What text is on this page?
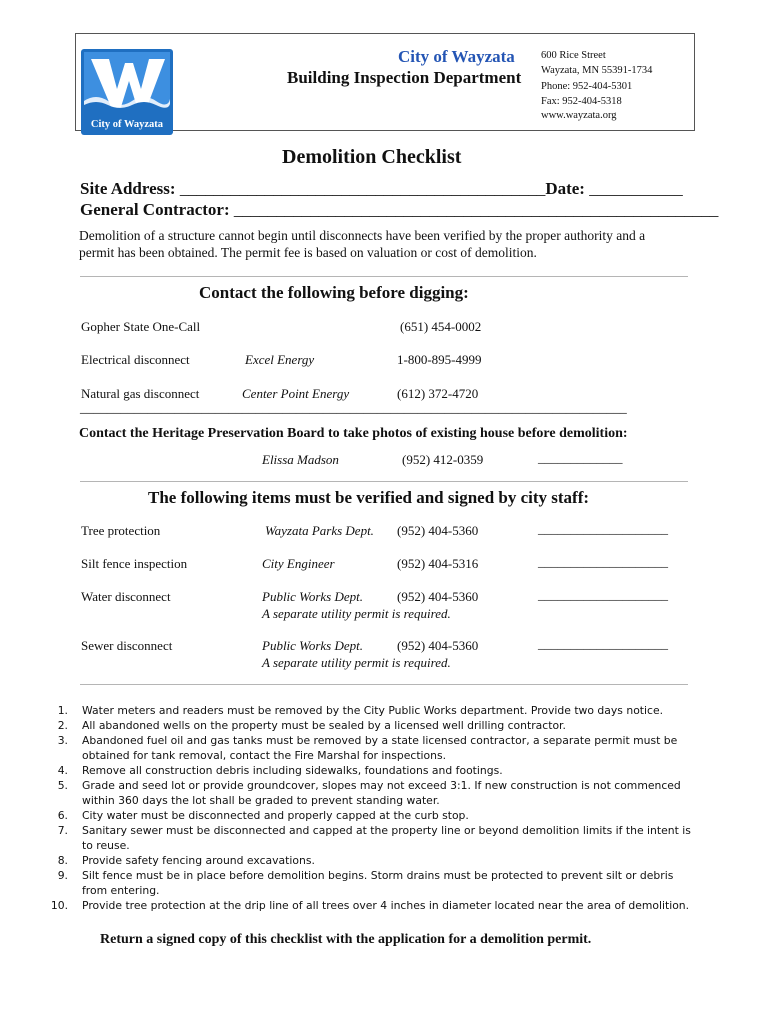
City of Wayzata
City of Wayzata
Building Inspection Department
600 Rice Street
Wayzata, MN 55391-1734
Phone: 952-404-5301
Fax: 952-404-5318
www.wayzata.org
Demolition Checklist
Site Address: ___________________________________________Date: ___________
General Contractor: _________________________________________________________
Demolition of a structure cannot begin until disconnects have been verified by the proper authority and a
permit has been obtained. The permit fee is based on valuation or cost of demolition.
Contact the following before digging:
Gopher State One-Call	(651) 454-0002
Electrical disconnect	Excel Energy	1-800-895-4999
Natural gas disconnect	Center Point Energy	(612) 372-4720
_________________________________________________________________________________
Contact the Heritage Preservation Board to take photos of existing house before demolition:
Elissa Madson	(952) 412-0359	_____________
The following items must be verified and signed by city staff:
Tree protection	Wayzata Parks Dept. (952) 404-5360	____________________
Silt fence inspection	City Engineer	(952) 404-5316	____________________
Water disconnect	Public Works Dept.	(952) 404-5360
A separate utility permit is required.
____________________
Sewer disconnect	Public Works Dept.	(952) 404-5360
A separate utility permit is required.
____________________
1. Water meters and readers must be removed by the City Public Works department. Provide two days notice.
2. All abandoned wells on the property must be sealed by a licensed well drilling contractor.
3. Abandoned fuel oil and gas tanks must be removed by a state licensed contractor, a separate permit must be
obtained for tank removal, contact the Fire Marshal for inspections.
4. Remove all construction debris including sidewalks, foundations and footings.
5. Grade and seed lot or provide groundcover, slopes may not exceed 3:1. If new construction is not commenced
within 360 days the lot shall be graded to prevent standing water.
6. City water must be disconnected and properly capped at the curb stop.
7. Sanitary sewer must be disconnected and capped at the property line or beyond demolition limits if the intent is
to reuse.
8. Provide safety fencing around excavations.
9. Silt fence must be in place before demolition begins. Storm drains must be protected to prevent silt or debris
from entering.
10. Provide tree protection at the drip line of all trees over 4 inches in diameter located near the area of demolition.
Return a signed copy of this checklist with the application for a demolition permit.
